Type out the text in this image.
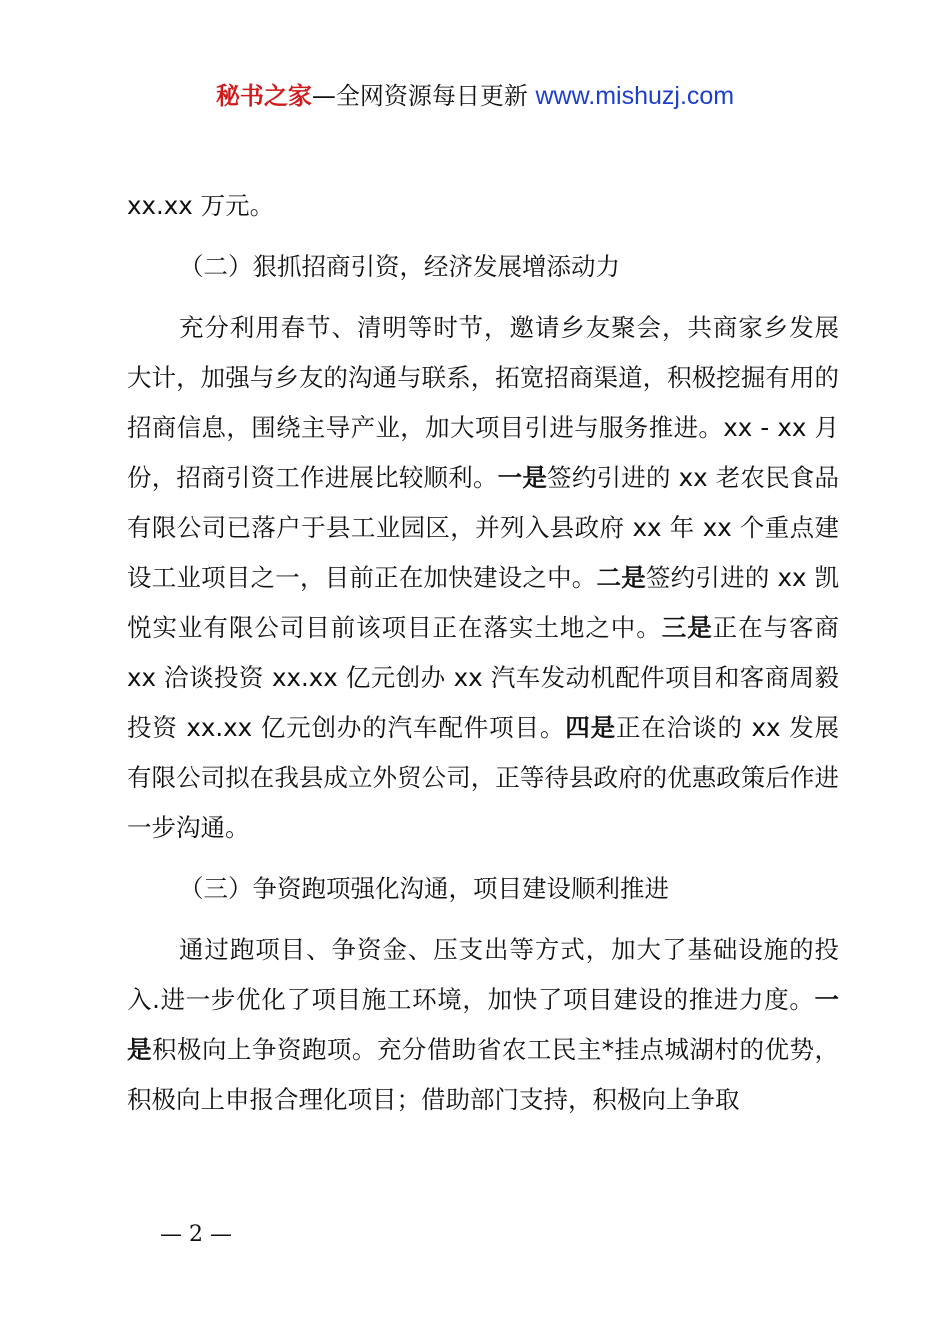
秘书之家—全网资源每日更新 www.mishuzj.com

xx.xx 万元。

（二）狠抓招商引资，经济发展增添动力

充分利用春节、清明等时节，邀请乡友聚会，共商家乡发展大计，加强与乡友的沟通与联系，拓宽招商渠道，积极挖掘有用的招商信息，围绕主导产业，加大项目引进与服务推进。xx - xx 月份，招商引资工作进展比较顺利。一是签约引进的 xx 老农民食品有限公司已落户于县工业园区，并列入县政府 xx 年 xx 个重点建设工业项目之一，目前正在加快建设之中。二是签约引进的 xx 凯悦实业有限公司目前该项目正在落实土地之中。三是正在与客商 xx 洽谈投资 xx.xx 亿元创办 xx 汽车发动机配件项目和客商周毅投资 xx.xx 亿元创办的汽车配件项目。四是正在洽谈的 xx 发展有限公司拟在我县成立外贸公司，正等待县政府的优惠政策后作进一步沟通。

（三）争资跑项强化沟通，项目建设顺利推进

通过跑项目、争资金、压支出等方式，加大了基础设施的投入.进一步优化了项目施工环境，加快了项目建设的推进力度。一是积极向上争资跑项。充分借助省农工民主*挂点城湖村的优势，积极向上申报合理化项目；借助部门支持，积极向上争取

— 2 —
